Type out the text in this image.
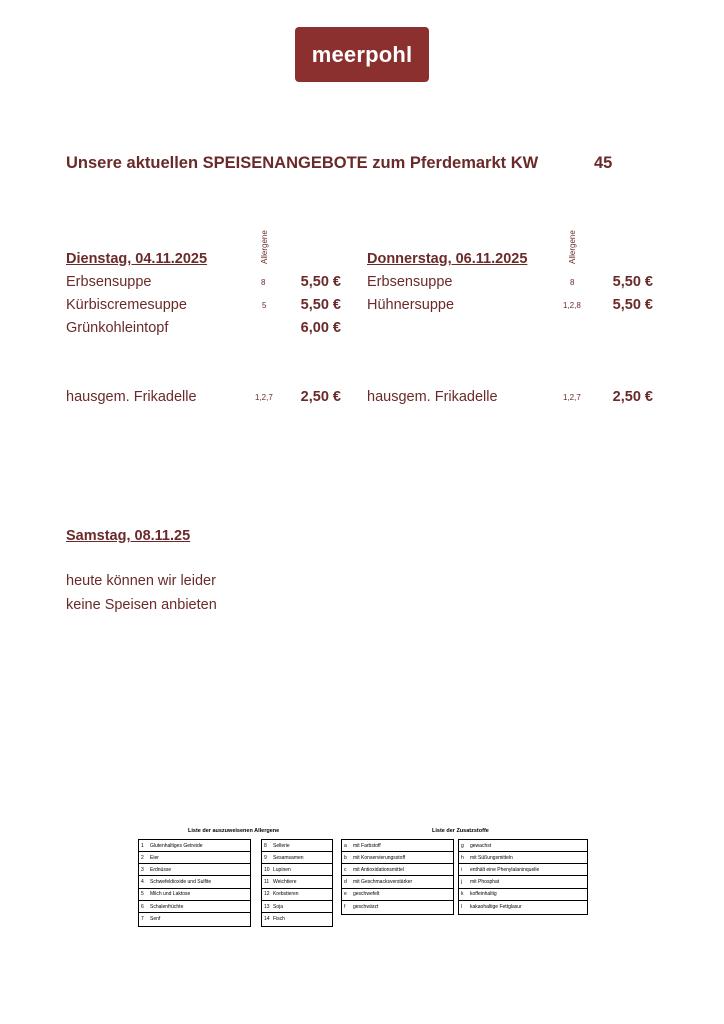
meerpohl
Unsere aktuellen SPEISENANGEBOTE zum Pferdemarkt KW	45
Dienstag, 04.11.2025	Allergene
Erbsensuppe	8 5,50 €
Kürbiscremesuppe	5 5,50 €
Grünkohleintopf	6,00 €
hausgem. Frikadelle	1,2,7 2,50 €
Donnerstag, 06.11.2025	Allergene
Erbsensuppe	8	5,50 €
Hühnersuppe	1,2,8 5,50 €
hausgem. Frikadelle	1,2,7 2,50 €
Samstag, 08.11.25
heute können wir leider
keine Speisen anbieten
Liste der auszuweisenen Allergene	Liste der Zusatzstoffe
1	Glutenhaltiges Getreide
2	Eier
3	Erdnüsse
4	Schwefeldioxide und Sulfite
5	Milch und Laktose
6	Schalenfrüchte
7	Senf
8	Sellerie
9	Sesamsamen
10 Lupinen
11 Weichtiere
12 Krebstieren
13 Soja
14 Fisch
a	mit Farbstoff
b	mit Konservierungsstoff
c	mit Antioxidationsmittel
d	mit Geschmacksverstärker
e	geschwefelt
f	geschwärzt
g	gewachst
h	mit Süßungsmitteln
i	enthält eine Phenylalaninquelle
j	mit Phosphat
k	koffeinhaltig
l	kakaohaltige Fettglasur
